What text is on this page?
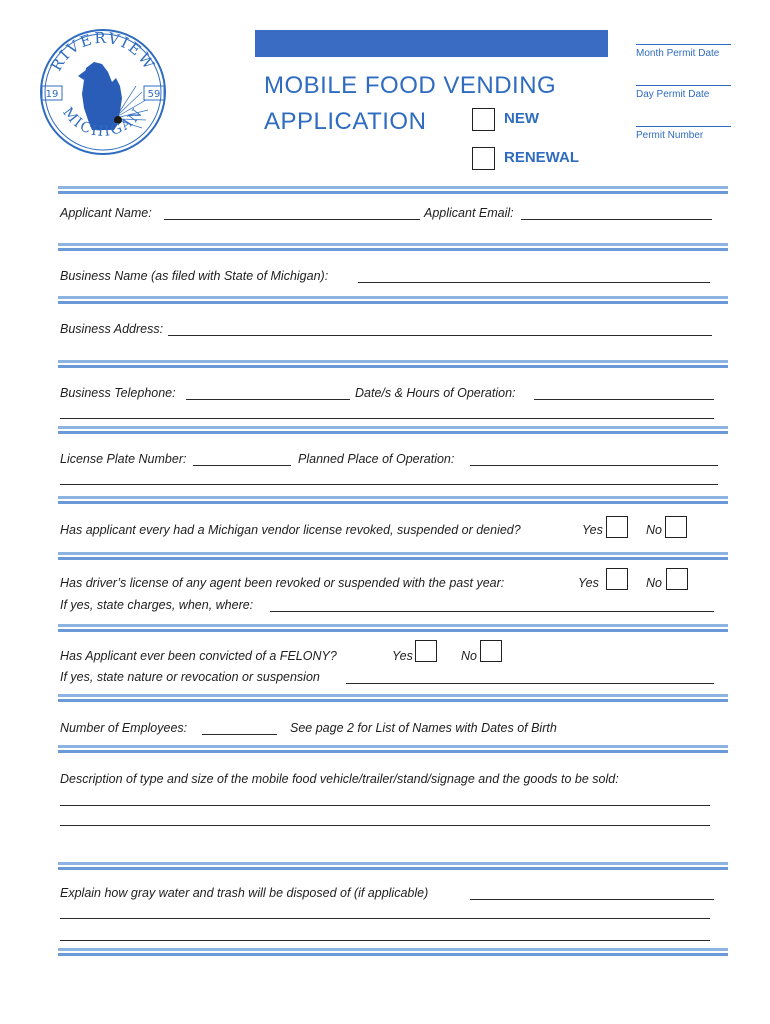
RIVERVIEW
MICHIGAN
19	59	MOBILE FOOD VENDING
APPLICATION	NEW
RENEWAL
Month Permit Date
Day Permit Date
Permit Number
Applicant Name:	Applicant Email:
Business Name (as filed with State of Michigan):
Business Address:
Business Telephone:	Date/s & Hours of Operation:
License Plate Number:	Planned Place of Operation:
Has applicant every had a Michigan vendor license revoked, suspended or denied?	Yes	No
Has driver’s license of any agent been revoked or suspended with the past year:	Yes	No
If yes, state charges, when, where:
Has Applicant ever been convicted of a FELONY?	Yes	No
If yes, state nature or revocation or suspension
Number of Employees:	See page 2 for List of Names with Dates of Birth
Description of type and size of the mobile food vehicle/trailer/stand/signage and the goods to be sold:
Explain how gray water and trash will be disposed of (if applicable)
